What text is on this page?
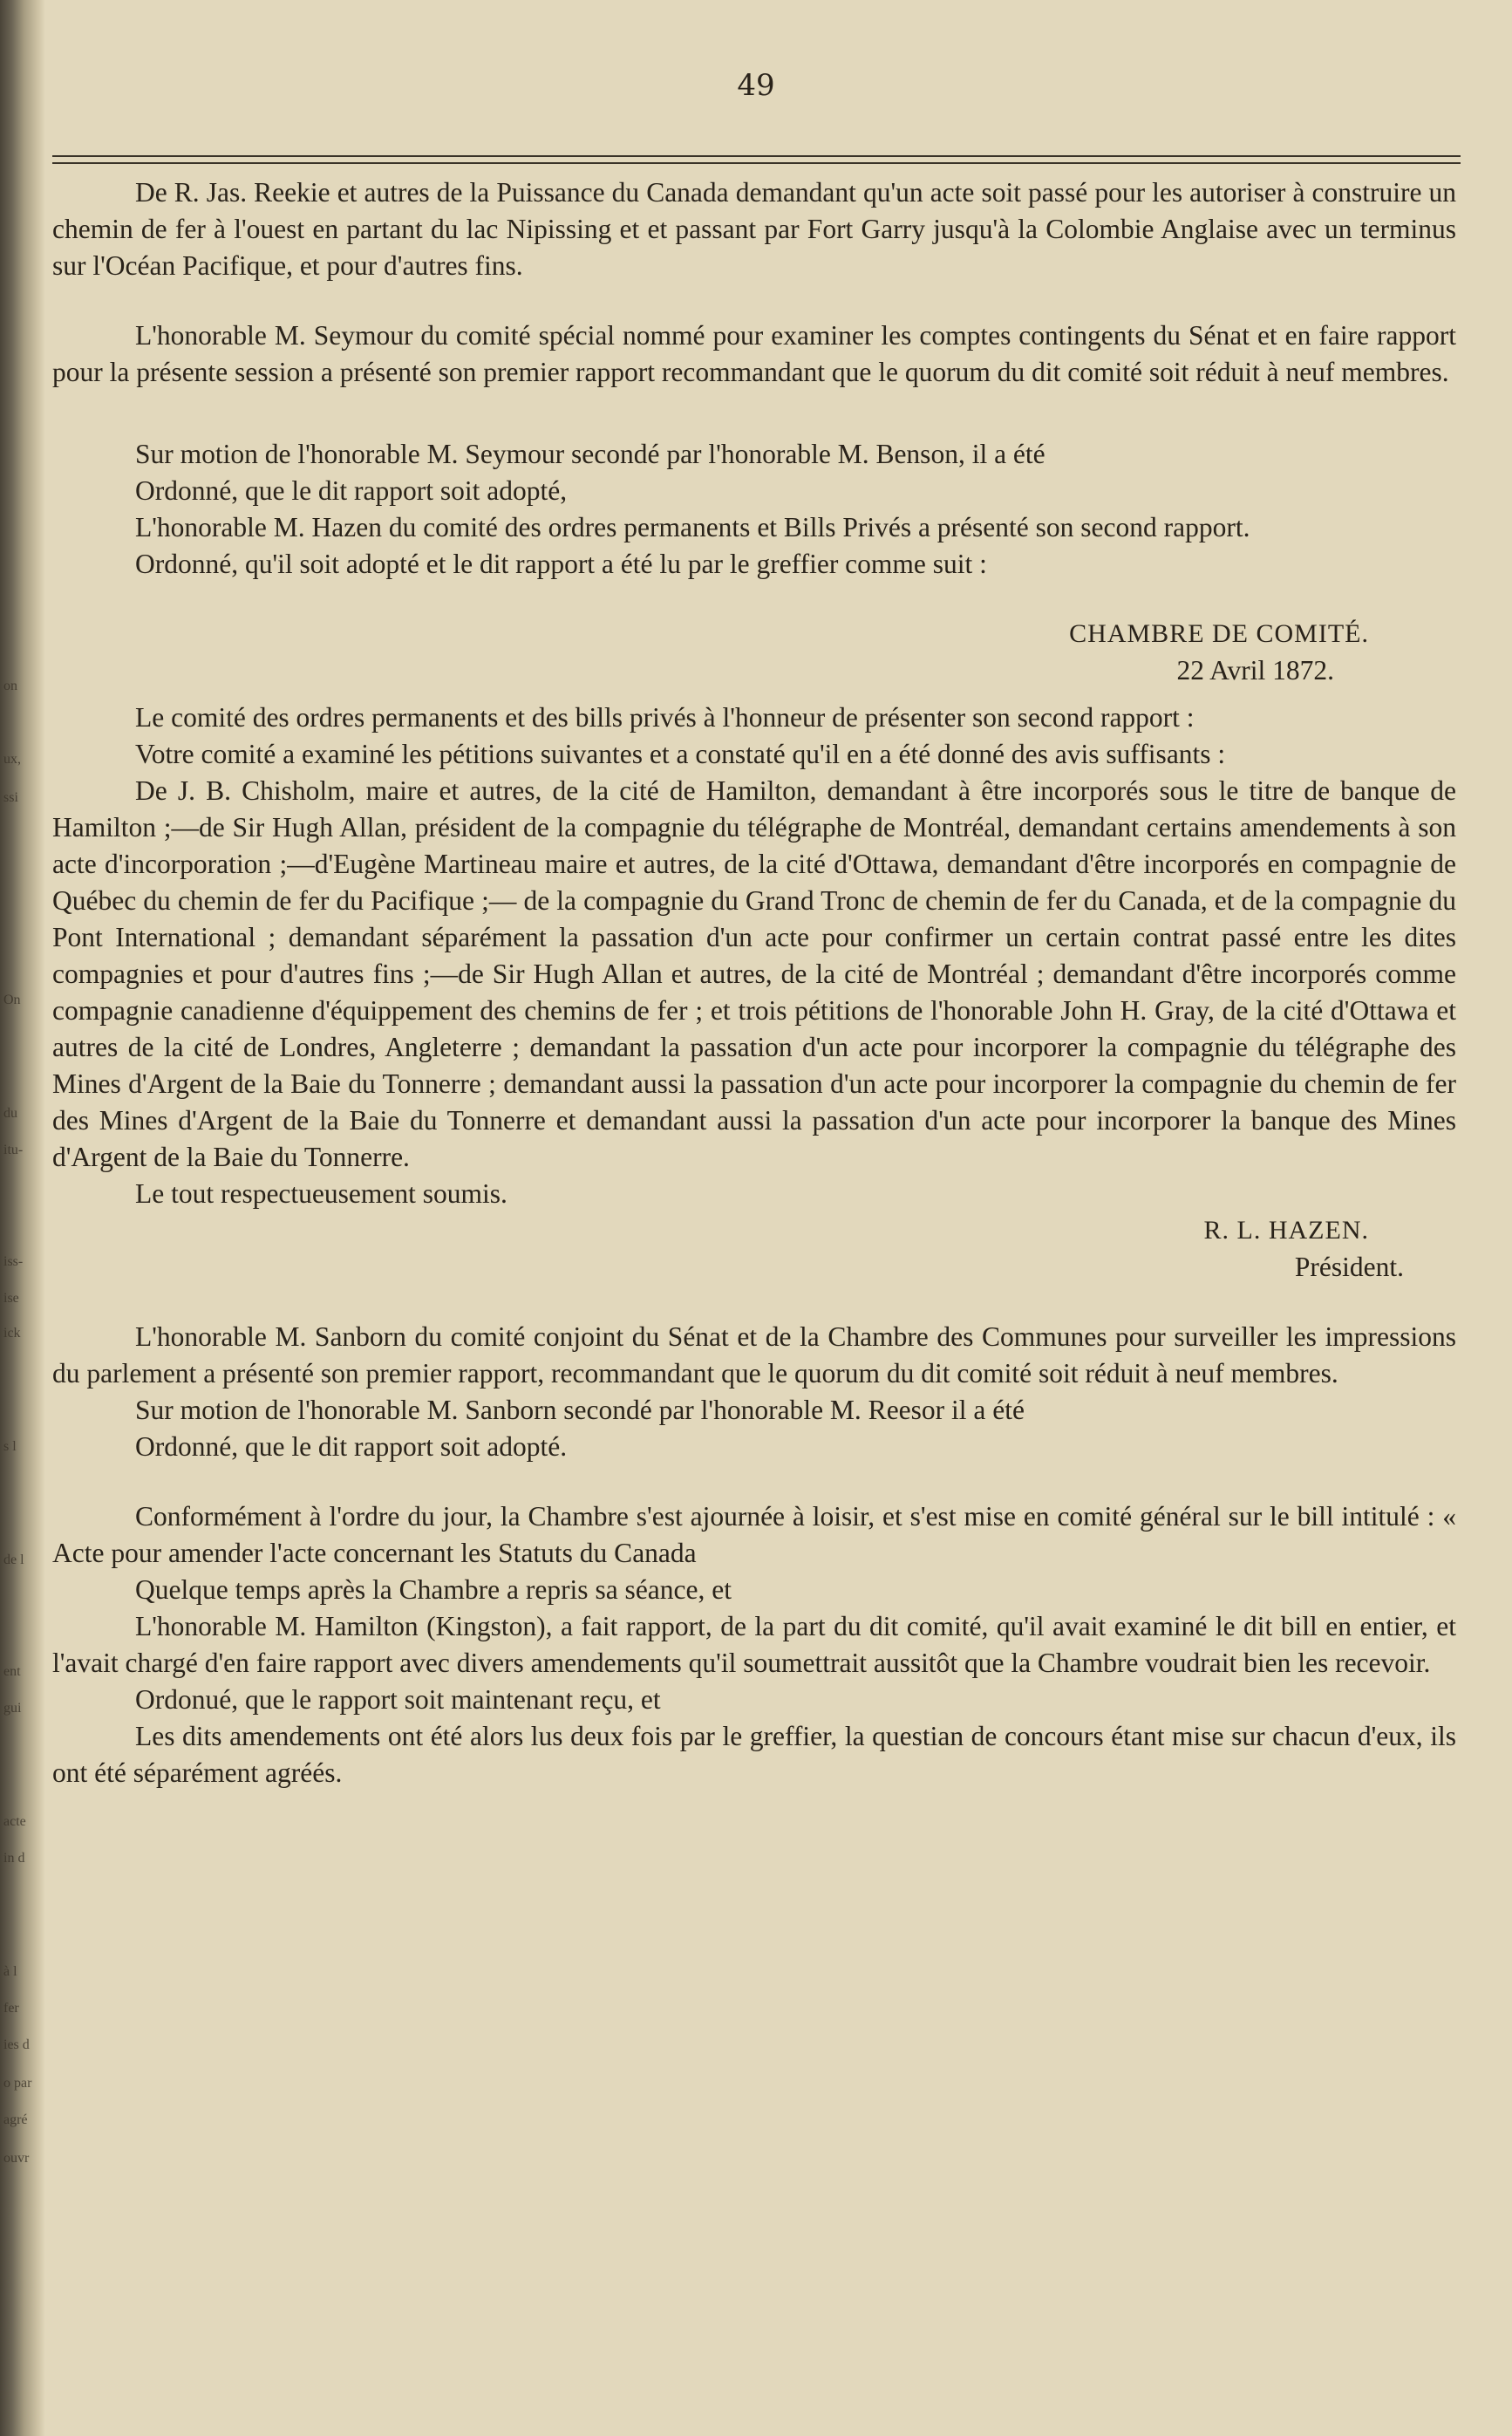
on
ux,
ssi
On
du
itu-
iss-
ise
ick
s l
de l
ent
gui
acte
in d
à l
fer
ies d
o par
agré
ouvr
49

De R. Jas. Reekie et autres de la Puissance du Canada demandant qu'un acte soit passé pour les autoriser à construire un chemin de fer à l'ouest en partant du lac Nipissing et et passant par Fort Garry jusqu'à la Colombie Anglaise avec un terminus sur l'Océan Pacifique, et pour d'autres fins.

L'honorable M. Seymour du comité spécial nommé pour examiner les comptes contingents du Sénat et en faire rapport pour la présente session a présenté son premier rapport recommandant que le quorum du dit comité soit réduit à neuf membres.

Sur motion de l'honorable M. Seymour secondé par l'honorable M. Benson, il a été

Ordonné, que le dit rapport soit adopté,

L'honorable M. Hazen du comité des ordres permanents et Bills Privés a présenté son second rapport.

Ordonné, qu'il soit adopté et le dit rapport a été lu par le greffier comme suit :

CHAMBRE DE COMITÉ.
22 Avril 1872.

Le comité des ordres permanents et des bills privés à l'honneur de présenter son second rapport :

Votre comité a examiné les pétitions suivantes et a constaté qu'il en a été donné des avis suffisants :

De J. B. Chisholm, maire et autres, de la cité de Hamilton, demandant à être incorporés sous le titre de banque de Hamilton ;—de Sir Hugh Allan, président de la compagnie du télégraphe de Montréal, demandant certains amendements à son acte d'incorporation ;—d'Eugène Martineau maire et autres, de la cité d'Ottawa, demandant d'être incorporés en compagnie de Québec du chemin de fer du Pacifique ;— de la compagnie du Grand Tronc de chemin de fer du Canada, et de la compagnie du Pont International ; demandant séparément la passation d'un acte pour confirmer un certain contrat passé entre les dites compagnies et pour d'autres fins ;—de Sir Hugh Allan et autres, de la cité de Montréal ; demandant d'être incorporés comme compagnie canadienne d'équippement des chemins de fer ; et trois pétitions de l'honorable John H. Gray, de la cité d'Ottawa et autres de la cité de Londres, Angleterre ; demandant la passation d'un acte pour incorporer la compagnie du télégraphe des Mines d'Argent de la Baie du Tonnerre ; demandant aussi la passation d'un acte pour incorporer la compagnie du chemin de fer des Mines d'Argent de la Baie du Tonnerre et demandant aussi la passation d'un acte pour incorporer la banque des Mines d'Argent de la Baie du Tonnerre.

Le tout respectueusement soumis.

R. L. HAZEN.
Président.

L'honorable M. Sanborn du comité conjoint du Sénat et de la Chambre des Communes pour surveiller les impressions du parlement a présenté son premier rapport, recommandant que le quorum du dit comité soit réduit à neuf membres.

Sur motion de l'honorable M. Sanborn secondé par l'honorable M. Reesor il a été

Ordonné, que le dit rapport soit adopté.

Conformément à l'ordre du jour, la Chambre s'est ajournée à loisir, et s'est mise en comité général sur le bill intitulé : « Acte pour amender l'acte concernant les Statuts du Canada

Quelque temps après la Chambre a repris sa séance, et

L'honorable M. Hamilton (Kingston), a fait rapport, de la part du dit comité, qu'il avait examiné le dit bill en entier, et l'avait chargé d'en faire rapport avec divers amendements qu'il soumettrait aussitôt que la Chambre voudrait bien les recevoir.

Ordonué, que le rapport soit maintenant reçu, et

Les dits amendements ont été alors lus deux fois par le greffier, la questian de concours étant mise sur chacun d'eux, ils ont été séparément agréés.
